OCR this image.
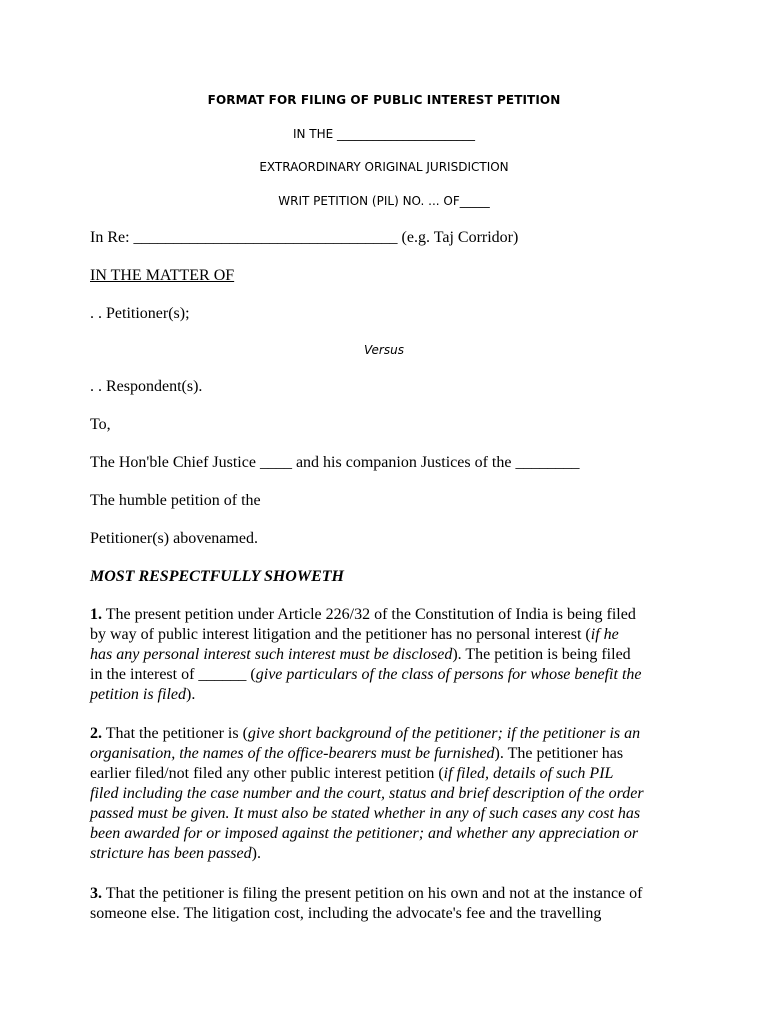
FORMAT FOR FILING OF PUBLIC INTEREST PETITION
IN THE _______________________
EXTRAORDINARY ORIGINAL JURISDICTION
WRIT PETITION (PIL) NO. ... OF_____
In Re: _________________________________ (e.g. Taj Corridor)
IN THE MATTER OF
. . Petitioner(s);
Versus
. . Respondent(s).
To,
The Hon'ble Chief Justice ____ and his companion Justices of the ________
The humble petition of the
Petitioner(s) abovenamed.
MOST RESPECTFULLY SHOWETH
1. The present petition under Article 226/32 of the Constitution of India is being filed
by way of public interest litigation and the petitioner has no personal interest (if he
has any personal interest such interest must be disclosed). The petition is being filed
in the interest of ______ (give particulars of the class of persons for whose benefit the
petition is filed).
2. That the petitioner is (give short background of the petitioner; if the petitioner is an
organisation, the names of the office-bearers must be furnished). The petitioner has
earlier filed/not filed any other public interest petition (if filed, details of such PIL
filed including the case number and the court, status and brief description of the order
passed must be given. It must also be stated whether in any of such cases any cost has
been awarded for or imposed against the petitioner; and whether any appreciation or
stricture has been passed).
3. That the petitioner is filing the present petition on his own and not at the instance of
someone else. The litigation cost, including the advocate's fee and the travelling
